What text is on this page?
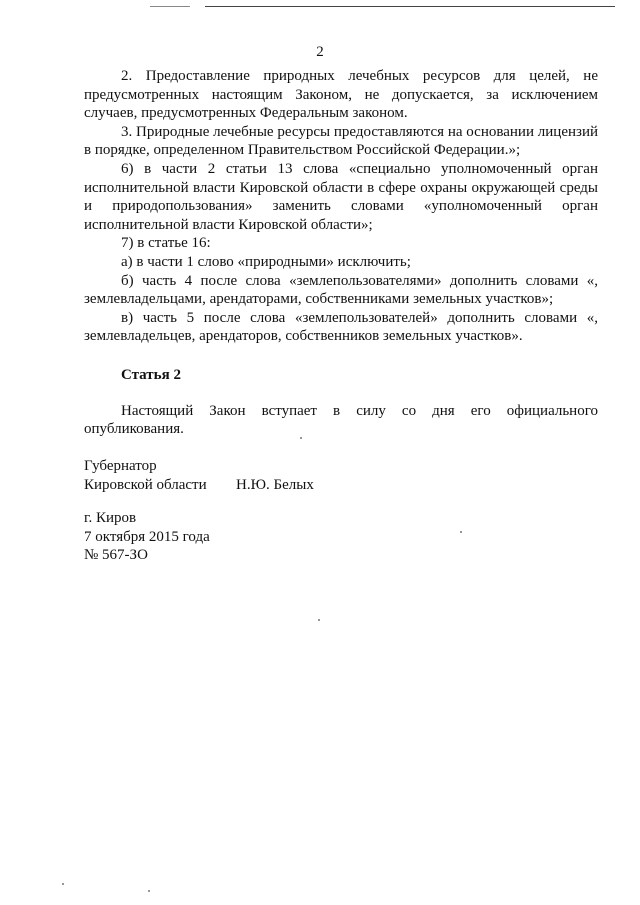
2

2. Предоставление природных лечебных ресурсов для целей, не предусмотренных настоящим Законом, не допускается, за исключением случаев, предусмотренных Федеральным законом.

3. Природные лечебные ресурсы предоставляются на основании лицензий в порядке, определенном Правительством Российской Федерации.»;

6) в части 2 статьи 13 слова «специально уполномоченный орган исполнительной власти Кировской области в сфере охраны окружающей среды и природопользования» заменить словами «уполномоченный орган исполнительной власти Кировской области»;

7) в статье 16:

а) в части 1 слово «природными» исключить;

б) часть 4 после слова «землепользователями» дополнить словами «, землевладельцами, арендаторами, собственниками земельных участков»;

в) часть 5 после слова «землепользователей» дополнить словами «, землевладельцев, арендаторов, собственников земельных участков».

Статья 2

Настоящий Закон вступает в силу со дня его официального опубликования.

Губернатор
Кировской области	Н.Ю. Белых
г. Киров
7 октября 2015 года
№ 567-ЗО
